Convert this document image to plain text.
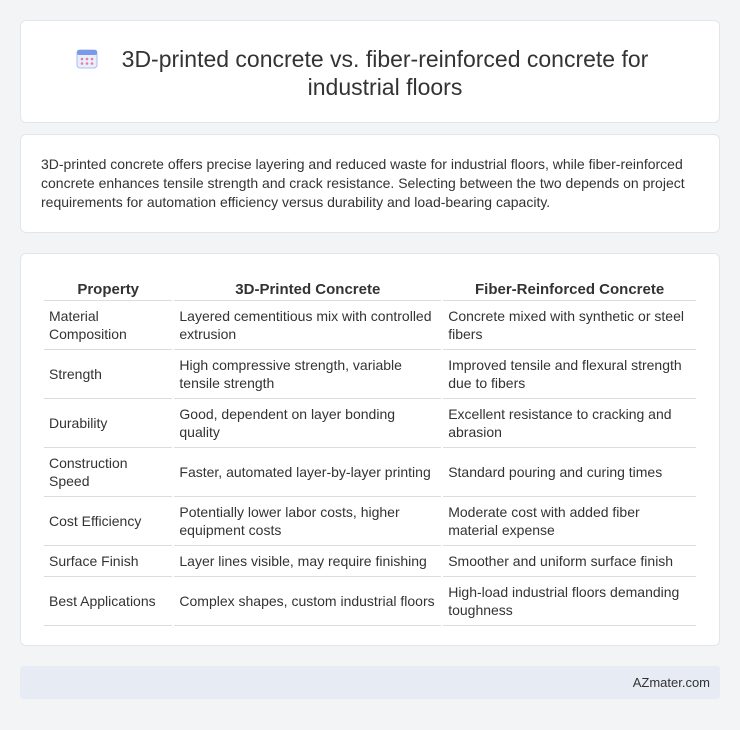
3D-printed concrete vs. fiber-reinforced concrete for industrial floors

3D-printed concrete offers precise layering and reduced waste for industrial floors, while fiber-reinforced concrete enhances tensile strength and crack resistance. Selecting between the two depends on project requirements for automation efficiency versus durability and load-bearing capacity.

Property	3D-Printed Concrete	Fiber-Reinforced Concrete
Material Composition	Layered cementitious mix with controlled extrusion	Concrete mixed with synthetic or steel fibers
Strength	High compressive strength, variable tensile strength	Improved tensile and flexural strength due to fibers
Durability	Good, dependent on layer bonding quality	Excellent resistance to cracking and abrasion
Construction Speed	Faster, automated layer-by-layer printing	Standard pouring and curing times
Cost Efficiency	Potentially lower labor costs, higher equipment costs	Moderate cost with added fiber material expense
Surface Finish	Layer lines visible, may require finishing	Smoother and uniform surface finish
Best Applications	Complex shapes, custom industrial floors	High-load industrial floors demanding toughness
AZmater.com
